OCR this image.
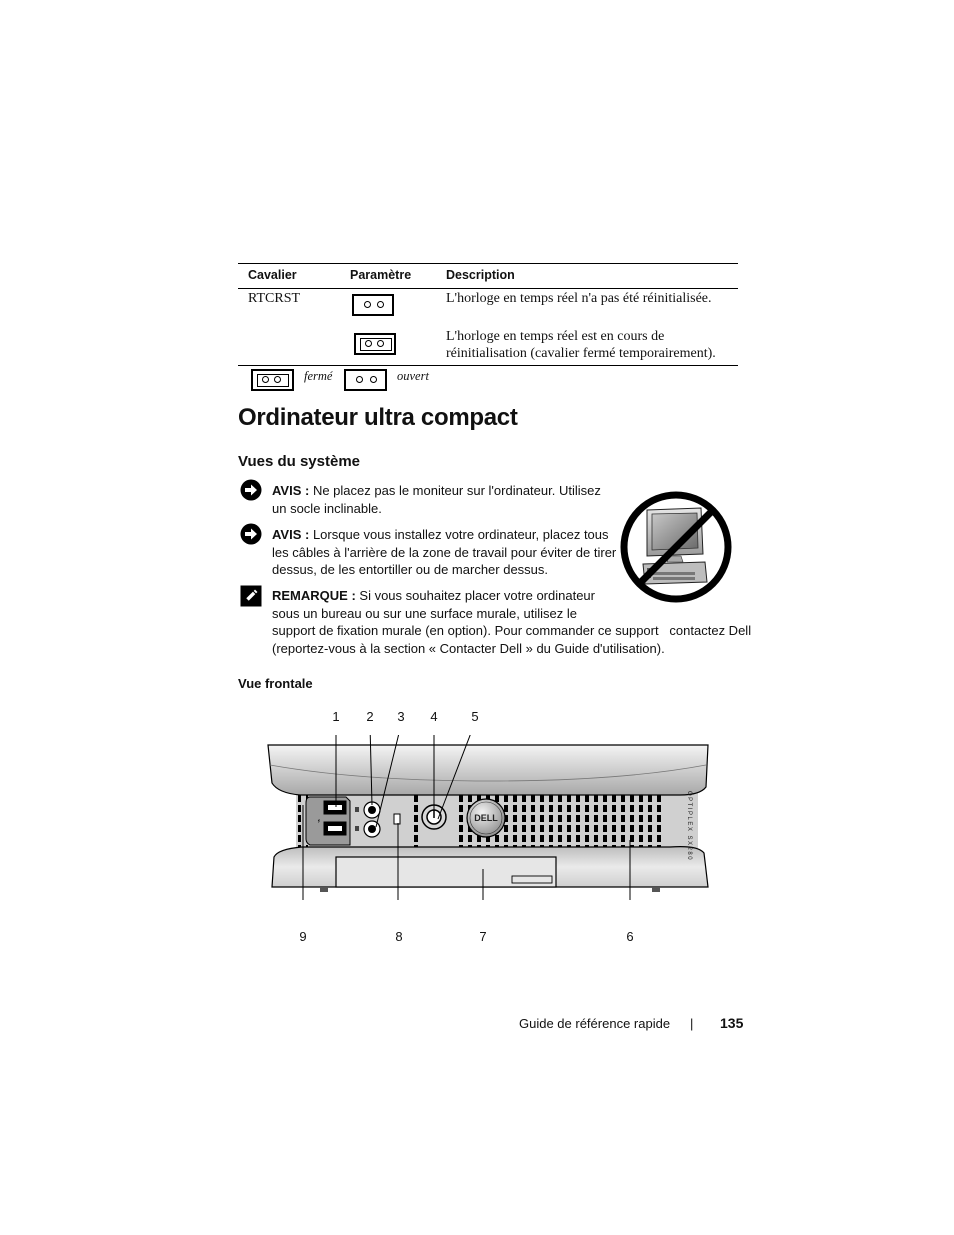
Cavalier	Paramètre	Description
RTCRST	L'horloge en temps réel n'a pas été réinitialisée.
L'horloge en temps réel est en cours de
réinitialisation (cavalier fermé temporairement).
fermé	ouvert
Ordinateur ultra compact
Vues du système
AVIS : Ne placez pas le moniteur sur l'ordinateur. Utilisez
un socle inclinable.
AVIS : Lorsque vous installez votre ordinateur, placez tous
les câbles à l'arrière de la zone de travail pour éviter de tirer
dessus, de les entortiller ou de marcher dessus.
REMARQUE : Si vous souhaitez placer votre ordinateur
sous un bureau ou sur une surface murale, utilisez le
support de fixation murale (en option). Pour commander ce support   contactez Dell
(reportez-vous à la section « Contacter Dell » du Guide d'utilisation).
Vue frontale
1 2 3 4	5
9	8	7	6
⌁	DELL	OPTIPLEX SX280
Guide de référence rapide | 135
